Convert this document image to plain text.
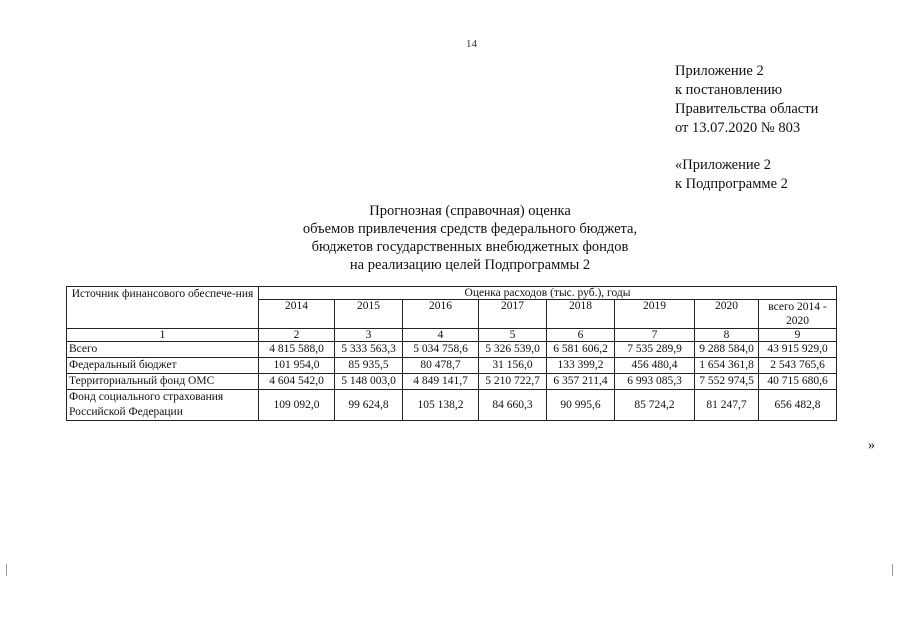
14
Приложение 2
к постановлению
Правительства области
от 13.07.2020 № 803
«Приложение 2
к Подпрограмме 2
Прогнозная (справочная) оценка
объемов привлечения средств федерального бюджета,
бюджетов государственных внебюджетных фондов
на реализацию целей Подпрограммы 2
Источник финансового обеспече-ния	Оценка расходов (тыс. руб.), годы							
	2014	2015	2016	2017	2018	2019	2020	всего 2014 - 2020
1	2	3	4	5	6	7	8	9
Всего	4 815 588,0	5 333 563,3	5 034 758,6	5 326 539,0	6 581 606,2	7 535 289,9	9 288 584,0	43 915 929,0
Федеральный бюджет	101 954,0	85 935,5	80 478,7	31 156,0	133 399,2	456 480,4	1 654 361,8	2 543 765,6
Территориальный фонд ОМС	4 604 542,0	5 148 003,0	4 849 141,7	5 210 722,7	6 357 211,4	6 993 085,3	7 552 974,5	40 715 680,6
Фонд социального страхования Российской Федерации	109 092,0	99 624,8	105 138,2	84 660,3	90 995,6	85 724,2	81 247,7	656 482,8
»
